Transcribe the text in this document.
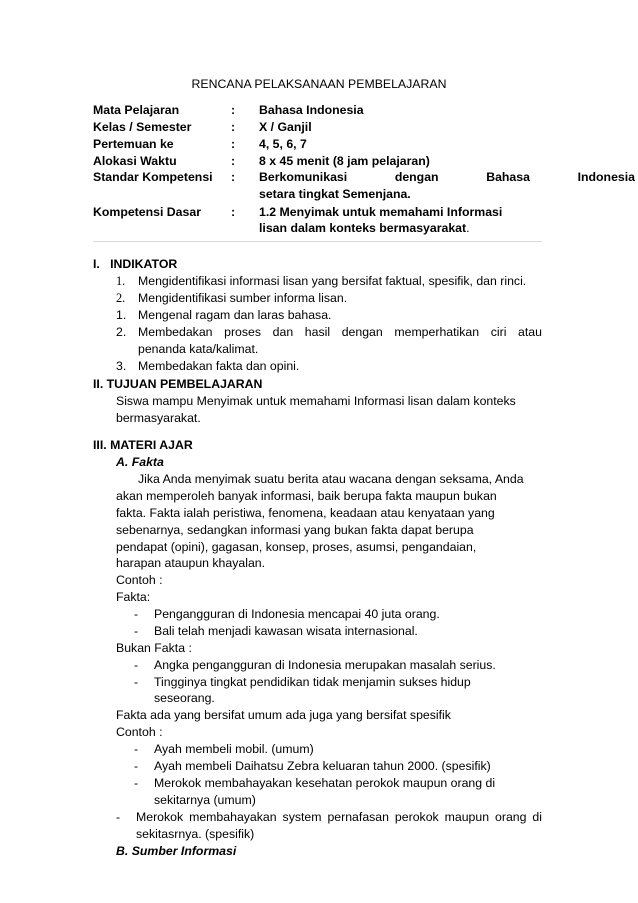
RENCANA PELAKSANAAN PEMBELAJARAN
Mata Pelajaran	: Bahasa Indonesia
Kelas / Semester	: X / Ganjil
Pertemuan ke	: 4, 5, 6, 7
Alokasi Waktu	: 8 x 45 menit (8 jam pelajaran)
Standar Kompetensi : Berkomunikasi dengan Bahasa Indonesia
setara tingkat Semenjana.
Kompetensi Dasar : 1.2 Menyimak untuk memahami Informasi
lisan dalam konteks bermasyarakat.
I.   INDIKATOR
1. Mengidentifikasi informasi lisan yang bersifat faktual, spesifik, dan rinci.
2. Mengidentifikasi sumber informa lisan.
1. Mengenal ragam dan laras bahasa.
2. Membedakan proses dan hasil dengan memperhatikan ciri atau
penanda kata/kalimat.
3. Membedakan fakta dan opini.
II. TUJUAN PEMBELAJARAN
Siswa mampu Menyimak untuk memahami Informasi lisan dalam konteks
bermasyarakat.
III. MATERI AJAR
A. Fakta
Jika Anda menyimak suatu berita atau wacana dengan seksama, Anda
akan memperoleh banyak informasi, baik berupa fakta maupun bukan
fakta. Fakta ialah peristiwa, fenomena, keadaan atau kenyataan yang
sebenarnya, sedangkan informasi yang bukan fakta dapat berupa
pendapat (opini), gagasan, konsep, proses, asumsi, pengandaian,
harapan ataupun khayalan.
Contoh :
Fakta:
- Pengangguran di Indonesia mencapai 40 juta orang.
- Bali telah menjadi kawasan wisata internasional.
Bukan Fakta :
- Angka pengangguran di Indonesia merupakan masalah serius.
- Tingginya tingkat pendidikan tidak menjamin sukses hidup
seseorang.
Fakta ada yang bersifat umum ada juga yang bersifat spesifik
Contoh :
- Ayah membeli mobil. (umum)
- Ayah membeli Daihatsu Zebra keluaran tahun 2000. (spesifik)
- Merokok membahayakan kesehatan perokok maupun orang di
sekitarnya (umum)
- Merokok membahayakan system pernafasan perokok maupun orang di
sekitasrnya. (spesifik)
B. Sumber Informasi
